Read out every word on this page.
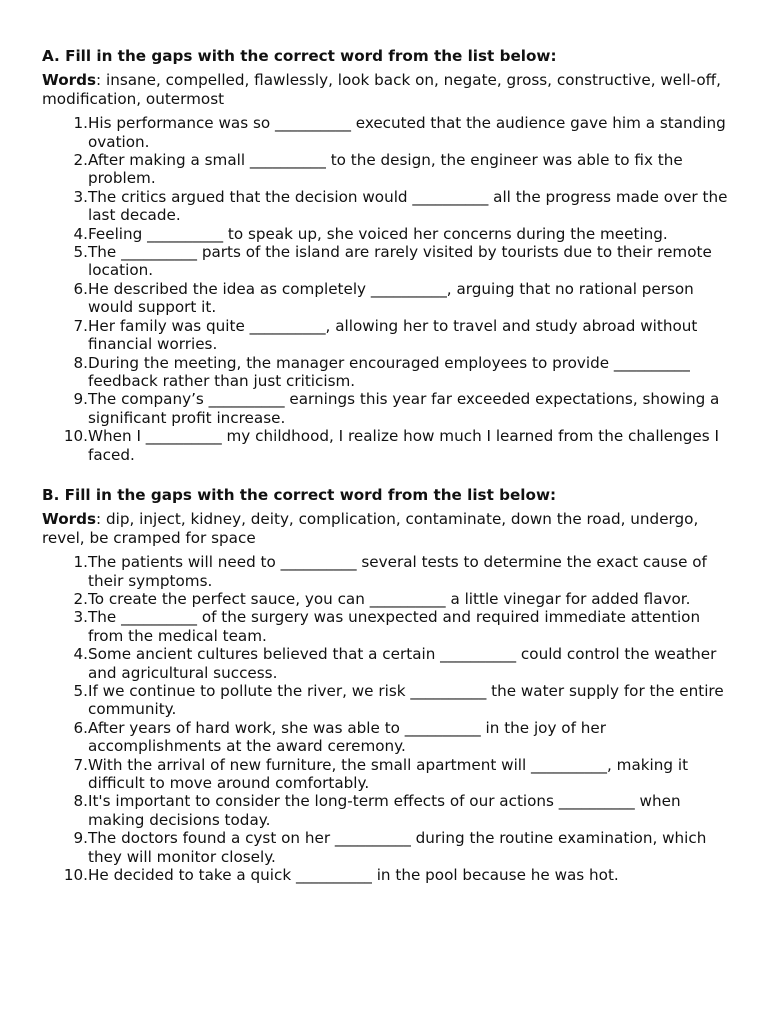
A. Fill in the gaps with the correct word from the list below:

Words: insane, compelled, flawlessly, look back on, negate, gross, constructive, well-off, modification, outermost
1. His performance was so __________ executed that the audience gave him a standing ovation.
2. After making a small __________ to the design, the engineer was able to fix the problem.
3. The critics argued that the decision would __________ all the progress made over the last decade.
4. Feeling __________ to speak up, she voiced her concerns during the meeting.
5. The __________ parts of the island are rarely visited by tourists due to their remote location.
6. He described the idea as completely __________, arguing that no rational person would support it.
7. Her family was quite __________, allowing her to travel and study abroad without financial worries.
8. During the meeting, the manager encouraged employees to provide __________ feedback rather than just criticism.
9. The company’s __________ earnings this year far exceeded expectations, showing a significant profit increase.
10. When I __________ my childhood, I realize how much I learned from the challenges I faced.

B. Fill in the gaps with the correct word from the list below:

Words: dip, inject, kidney, deity, complication, contaminate, down the road, undergo, revel, be cramped for space
1. The patients will need to __________ several tests to determine the exact cause of their symptoms.
2. To create the perfect sauce, you can __________ a little vinegar for added flavor.
3. The __________ of the surgery was unexpected and required immediate attention from the medical team.
4. Some ancient cultures believed that a certain __________ could control the weather and agricultural success.
5. If we continue to pollute the river, we risk __________ the water supply for the entire community.
6. After years of hard work, she was able to __________ in the joy of her accomplishments at the award ceremony.
7. With the arrival of new furniture, the small apartment will __________, making it difficult to move around comfortably.
8. It's important to consider the long-term effects of our actions __________ when making decisions today.
9. The doctors found a cyst on her __________ during the routine examination, which they will monitor closely.
10. He decided to take a quick __________ in the pool because he was hot.
